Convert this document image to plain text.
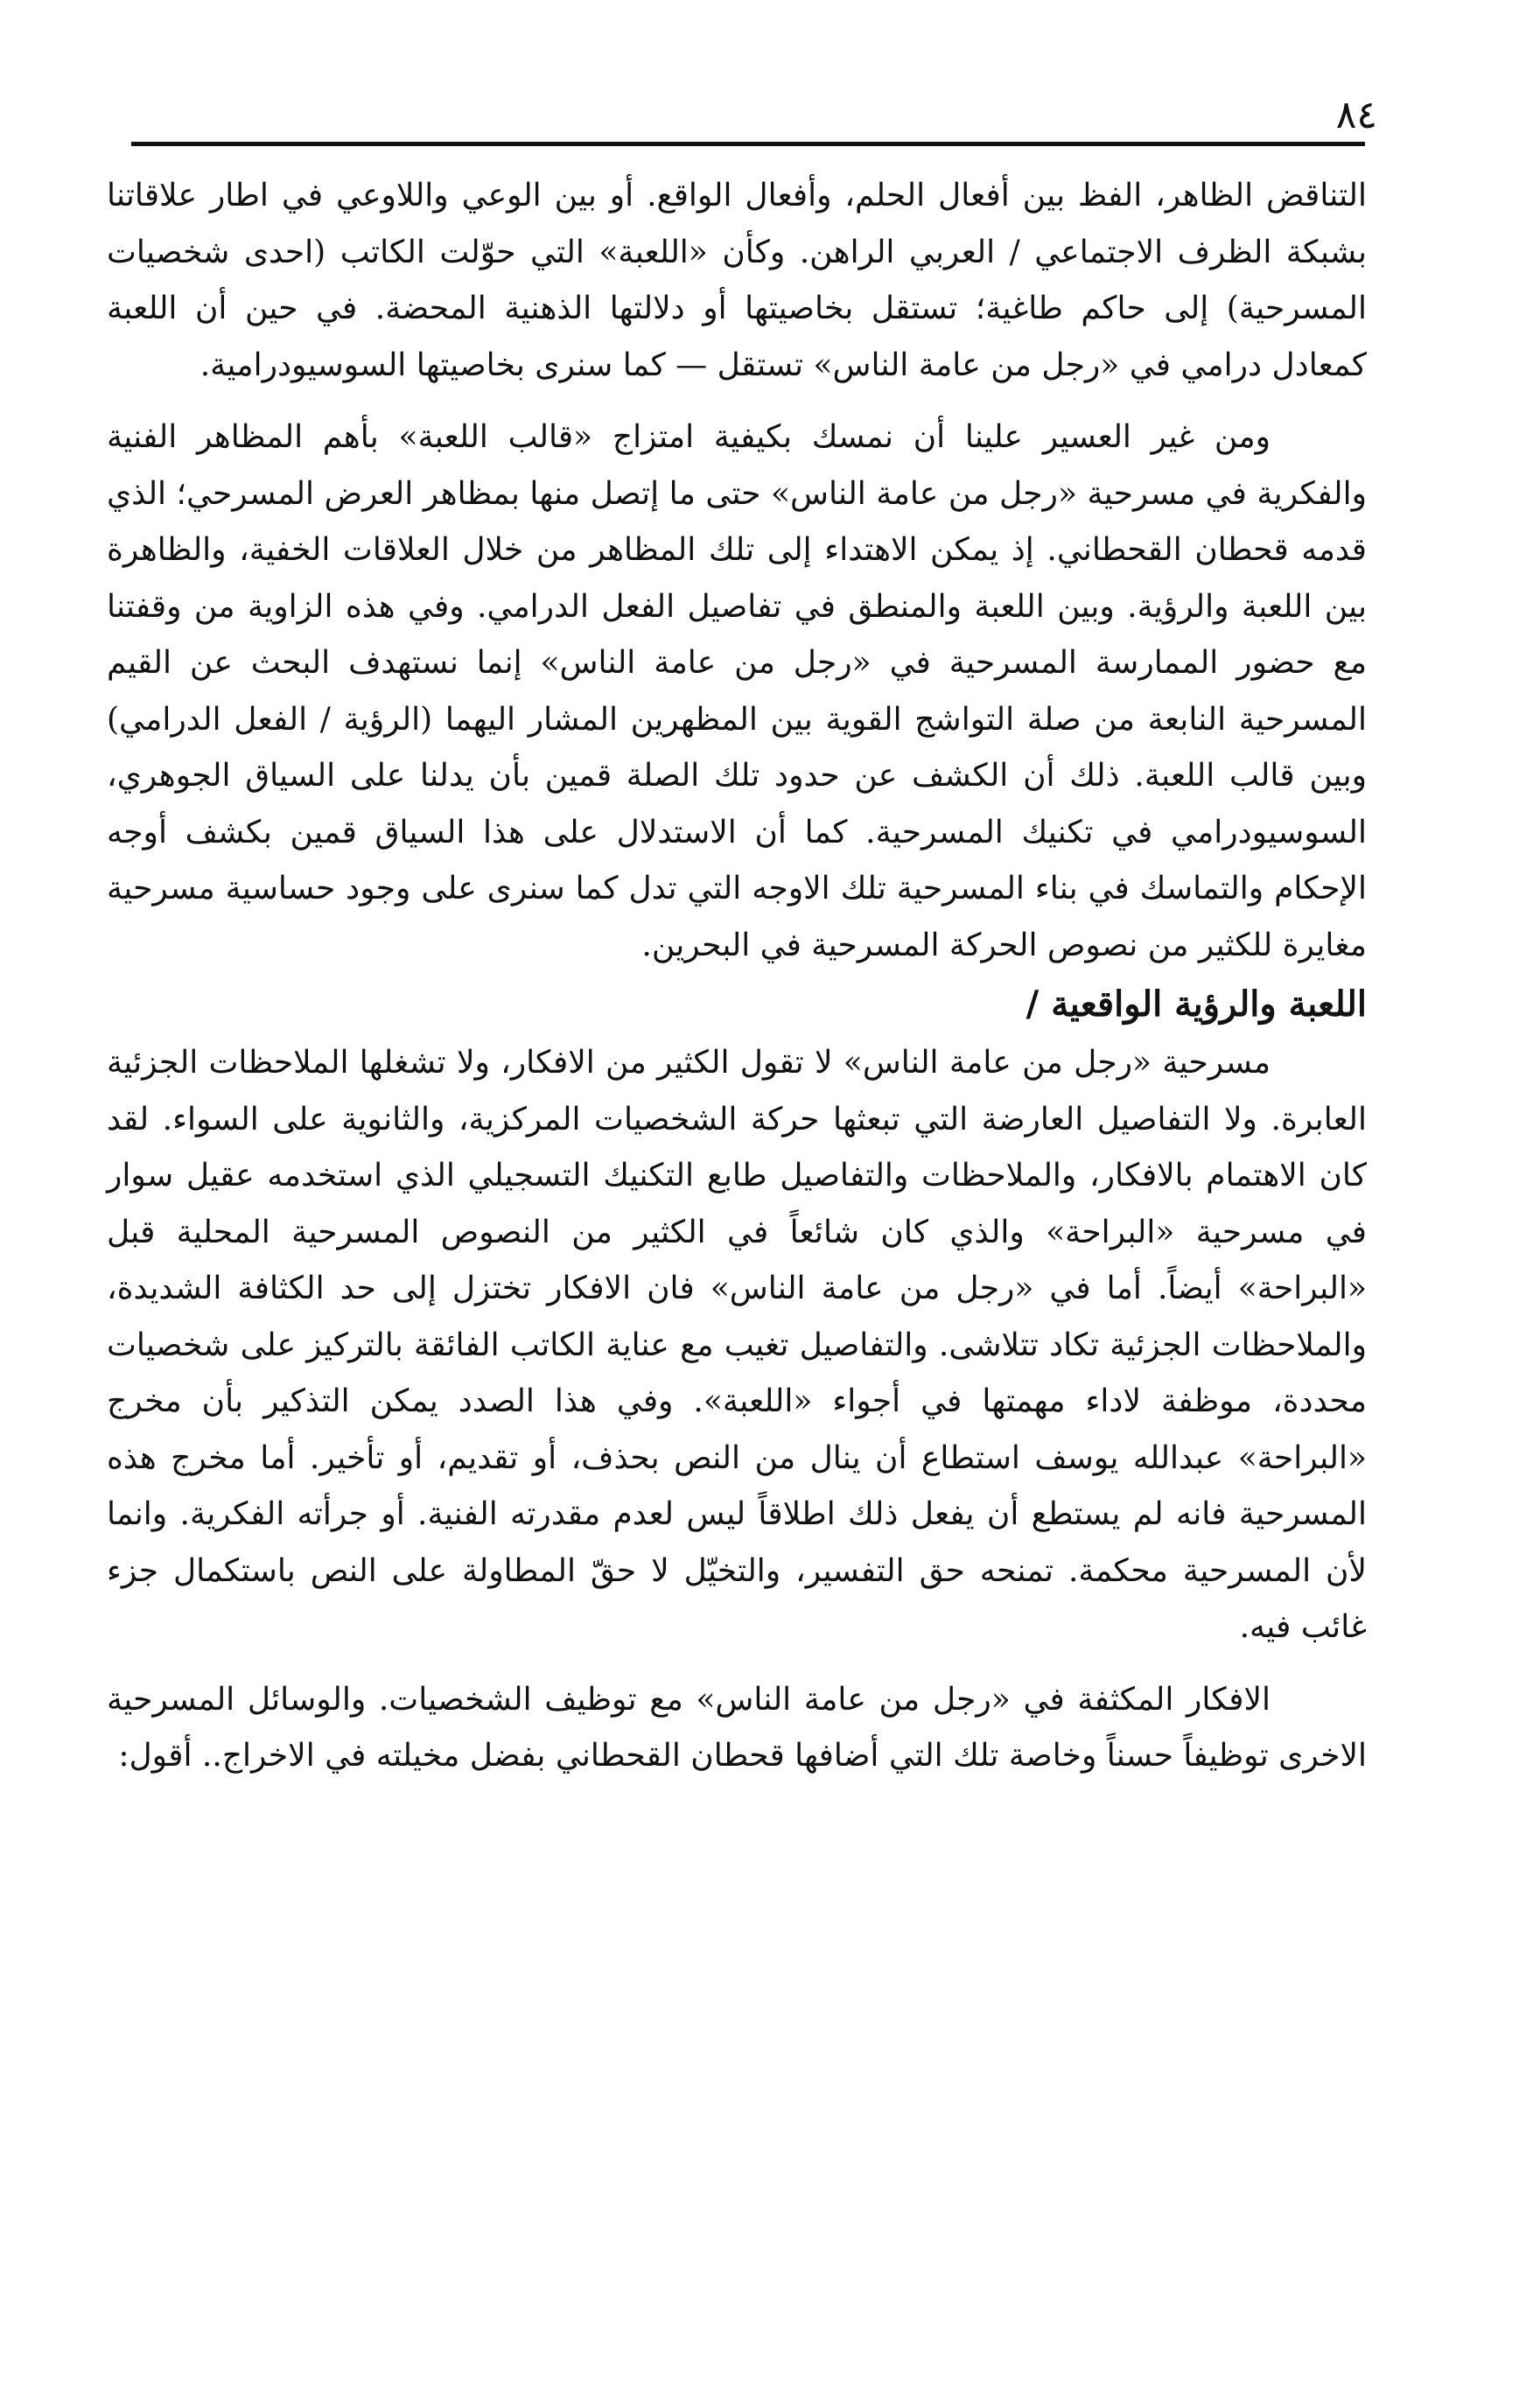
٨٤

التناقض الظاهر، الفظ بين أفعال الحلم، وأفعال الواقع. أو بين الوعي واللاوعي في اطار علاقاتنا بشبكة الظرف الاجتماعي / العربي الراهن. وكأن «اللعبة» التي حوّلت الكاتب (احدى شخصيات المسرحية) إلى حاكم طاغية؛ تستقل بخاصيتها أو دلالتها الذهنية المحضة. في حين أن اللعبة كمعادل درامي في «رجل من عامة الناس» تستقل — كما سنرى بخاصيتها السوسيودرامية.

ومن غير العسير علينا أن نمسك بكيفية امتزاج «قالب اللعبة» بأهم المظاهر الفنية والفكرية في مسرحية «رجل من عامة الناس» حتى ما إتصل منها بمظاهر العرض المسرحي؛ الذي قدمه قحطان القحطاني. إذ يمكن الاهتداء إلى تلك المظاهر من خلال العلاقات الخفية، والظاهرة بين اللعبة والرؤية. وبين اللعبة والمنطق في تفاصيل الفعل الدرامي. وفي هذه الزاوية من وقفتنا مع حضور الممارسة المسرحية في «رجل من عامة الناس» إنما نستهدف البحث عن القيم المسرحية النابعة من صلة التواشج القوية بين المظهرين المشار اليهما (الرؤية / الفعل الدرامي) وبين قالب اللعبة. ذلك أن الكشف عن حدود تلك الصلة قمين بأن يدلنا على السياق الجوهري، السوسيودرامي في تكنيك المسرحية. كما أن الاستدلال على هذا السياق قمين بكشف أوجه الإحكام والتماسك في بناء المسرحية تلك الاوجه التي تدل كما سنرى على وجود حساسية مسرحية مغايرة للكثير من نصوص الحركة المسرحية في البحرين.

اللعبة والرؤية الواقعية /

مسرحية «رجل من عامة الناس» لا تقول الكثير من الافكار، ولا تشغلها الملاحظات الجزئية العابرة. ولا التفاصيل العارضة التي تبعثها حركة الشخصيات المركزية، والثانوية على السواء. لقد كان الاهتمام بالافكار، والملاحظات والتفاصيل طابع التكنيك التسجيلي الذي استخدمه عقيل سوار في مسرحية «البراحة» والذي كان شائعاً في الكثير من النصوص المسرحية المحلية قبل «البراحة» أيضاً. أما في «رجل من عامة الناس» فان الافكار تختزل إلى حد الكثافة الشديدة، والملاحظات الجزئية تكاد تتلاشى. والتفاصيل تغيب مع عناية الكاتب الفائقة بالتركيز على شخصيات محددة، موظفة لاداء مهمتها في أجواء «اللعبة». وفي هذا الصدد يمكن التذكير بأن مخرج «البراحة» عبدالله يوسف استطاع أن ينال من النص بحذف، أو تقديم، أو تأخير. أما مخرج هذه المسرحية فانه لم يستطع أن يفعل ذلك اطلاقاً ليس لعدم مقدرته الفنية. أو جرأته الفكرية. وانما لأن المسرحية محكمة. تمنحه حق التفسير، والتخيّل لا حقّ المطاولة على النص باستكمال جزء غائب فيه.

الافكار المكثفة في «رجل من عامة الناس» مع توظيف الشخصيات. والوسائل المسرحية الاخرى توظيفاً حسناً وخاصة تلك التي أضافها قحطان القحطاني بفضل مخيلته في الاخراج.. أقول:
